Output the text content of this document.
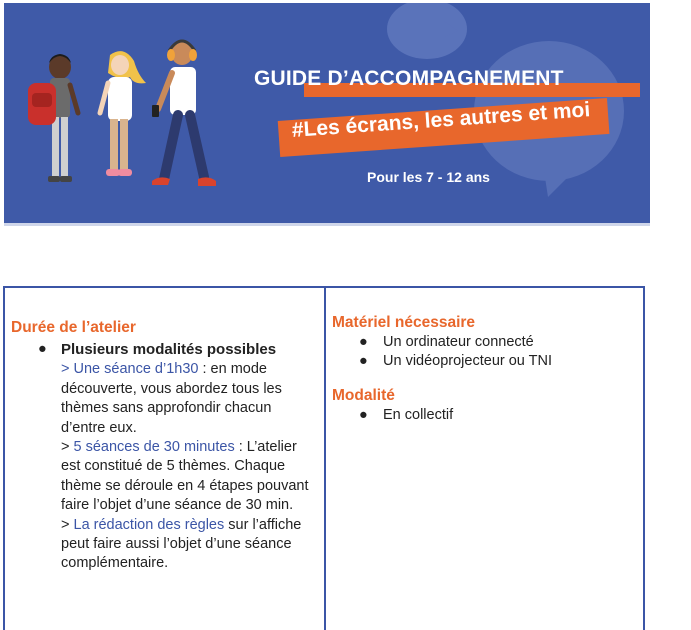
GUIDE D’ACCOMPAGNEMENT
#Les écrans, les autres et moi
Pour les 7 - 12 ans
Durée de l’atelier
● Plusieurs modalités possibles
> Une séance d’1h30 : en mode découverte, vous abordez tous les thèmes sans approfondir chacun d’entre eux.
> 5 séances de 30 minutes : L’atelier est constitué de 5 thèmes. Chaque thème se déroule en 4 étapes pouvant faire l’objet d’une séance de 30 min.
> La rédaction des règles sur l’affiche peut faire aussi l’objet d’une séance complémentaire.
Matériel nécessaire
● Un ordinateur connecté
● Un vidéoprojecteur ou TNI
Modalité
● En collectif
